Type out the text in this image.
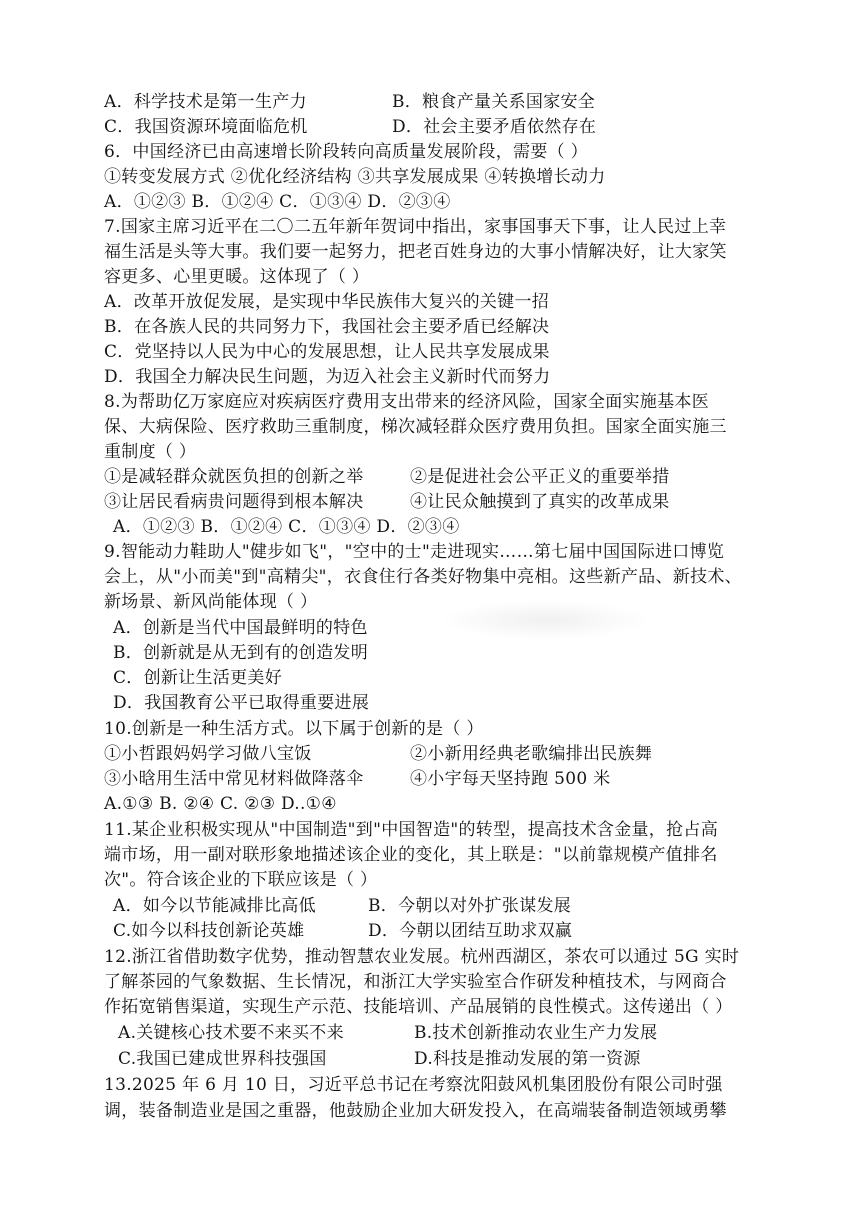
A．科学技术是第一生产力	B．粮食产量关系国家安全
C．我国资源环境面临危机	D．社会主要矛盾依然存在
6．中国经济已由高速增长阶段转向高质量发展阶段，需要（ ）
①转变发展方式 ②优化经济结构 ③共享发展成果 ④转换增长动力
A．①②③ B．①②④ C．①③④ D．②③④
7.国家主席习近平在二〇二五年新年贺词中指出，家事国事天下事，让人民过上幸
福生活是头等大事。我们要一起努力，把老百姓身边的大事小情解决好，让大家笑
容更多、心里更暖。这体现了（ ）
A．改革开放促发展，是实现中华民族伟大复兴的关键一招
B．在各族人民的共同努力下，我国社会主要矛盾已经解决
C．党坚持以人民为中心的发展思想，让人民共享发展成果
D．我国全力解决民生问题，为迈入社会主义新时代而努力
8.为帮助亿万家庭应对疾病医疗费用支出带来的经济风险，国家全面实施基本医
保、大病保险、医疗救助三重制度，梯次减轻群众医疗费用负担。国家全面实施三
重制度（ ）
①是减轻群众就医负担的创新之举	②是促进社会公平正义的重要举措
③让居民看病贵问题得到根本解决	④让民众触摸到了真实的改革成果
A．①②③ B．①②④ C．①③④ D．②③④
9.智能动力鞋助人"健步如飞"，"空中的士"走进现实……第七届中国国际进口博览
会上，从"小而美"到"高精尖"，衣食住行各类好物集中亮相。这些新产品、新技术、
新场景、新风尚能体现（ ）
A．创新是当代中国最鲜明的特色
B．创新就是从无到有的创造发明
C．创新让生活更美好
D．我国教育公平已取得重要进展
10.创新是一种生活方式。以下属于创新的是（ ）
①小哲跟妈妈学习做八宝饭	②小新用经典老歌编排出民族舞
③小晗用生活中常见材料做降落伞	④小宇每天坚持跑 500 米
A.①③ B. ②④ C. ②③ D..①④
11.某企业积极实现从"中国制造"到"中国智造"的转型，提高技术含金量，抢占高
端市场，用一副对联形象地描述该企业的变化，其上联是："以前靠规模产值排名
次"。符合该企业的下联应该是（ ）
A．如今以节能减排比高低	B．今朝以对外扩张谋发展
C.如今以科技创新论英雄	D．今朝以团结互助求双赢
12.浙江省借助数字优势，推动智慧农业发展。杭州西湖区，茶农可以通过 5G 实时
了解茶园的气象数据、生长情况，和浙江大学实验室合作研发种植技术，与网商合
作拓宽销售渠道，实现生产示范、技能培训、产品展销的良性模式。这传递出（ ）
A.关键核心技术要不来买不来	B.技术创新推动农业生产力发展
C.我国已建成世界科技强国	D.科技是推动发展的第一资源
13.2025 年 6 月 10 日，习近平总书记在考察沈阳鼓风机集团股份有限公司时强
调，装备制造业是国之重器，他鼓励企业加大研发投入，在高端装备制造领域勇攀
